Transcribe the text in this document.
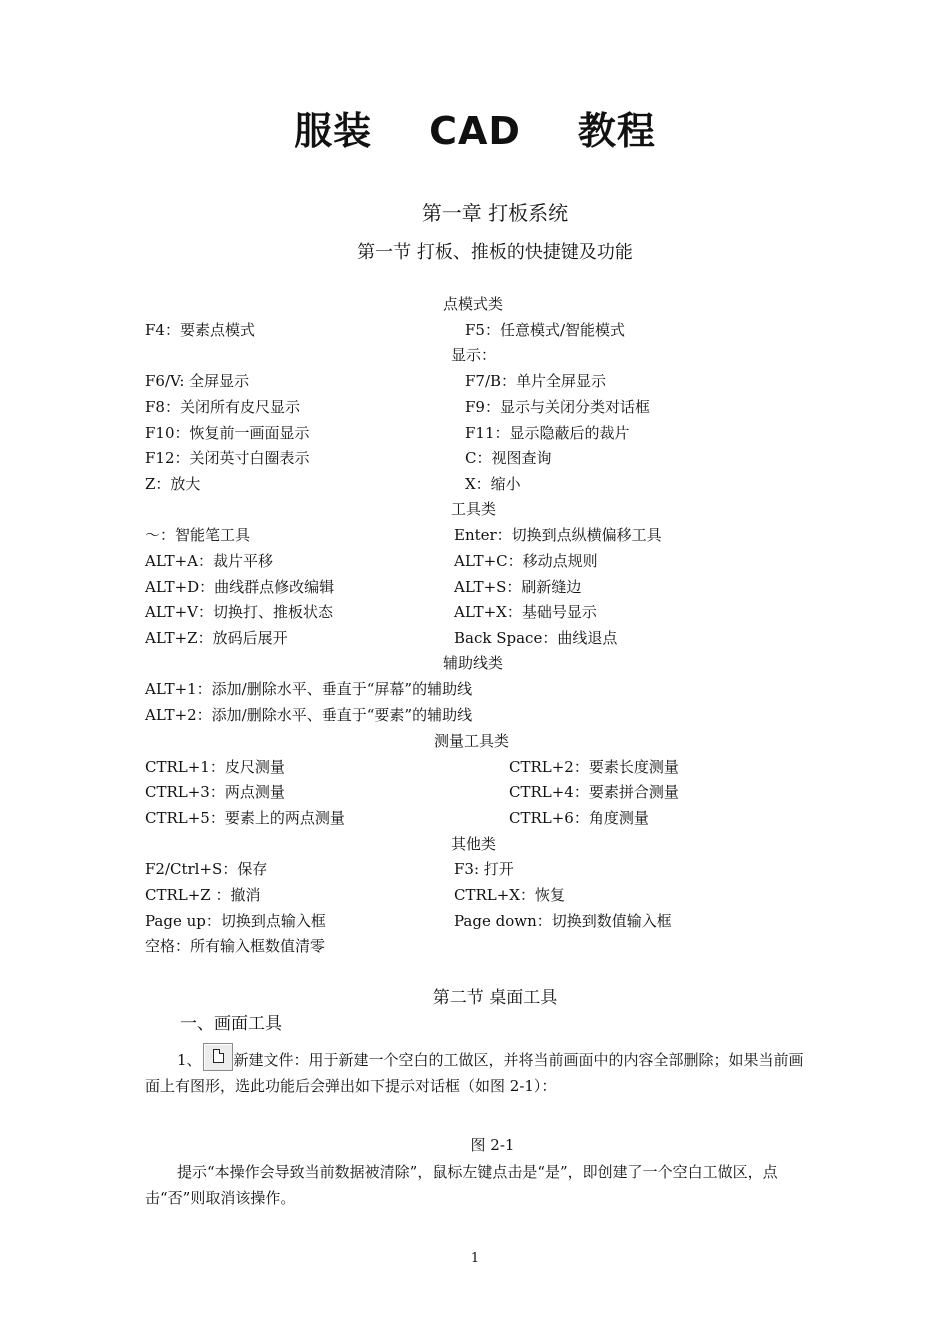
服装    CAD    教程

第一章 打板系统

第一节 打板、推板的快捷键及功能

点模式类
F4：要素点模式	F5：任意模式/智能模式
显示：
F6/V: 全屏显示	F7/B：单片全屏显示
F8：关闭所有皮尺显示	F9：显示与关闭分类对话框
F10：恢复前一画面显示	F11：显示隐蔽后的裁片
F12：关闭英寸白圈表示	C：视图查询
Z：放大	X：缩小
工具类
～：智能笔工具	Enter：切换到点纵横偏移工具
ALT+A：裁片平移	ALT+C：移动点规则
ALT+D：曲线群点修改编辑	ALT+S：刷新缝边
ALT+V：切换打、推板状态	ALT+X：基础号显示
ALT+Z：放码后展开	Back Space：曲线退点
辅助线类
ALT+1：添加/删除水平、垂直于“屏幕”的辅助线
ALT+2：添加/删除水平、垂直于“要素”的辅助线
测量工具类
CTRL+1：皮尺测量	CTRL+2：要素长度测量
CTRL+3：两点测量	CTRL+4：要素拼合测量
CTRL+5：要素上的两点测量	CTRL+6：角度测量
其他类
F2/Ctrl+S：保存	F3: 打开
CTRL+Z ：撤消	CTRL+X：恢复
Page up：切换到点输入框	Page down：切换到数值输入框
空格：所有输入框数值清零

第二节 桌面工具

一、画面工具

1、 新建文件：用于新建一个空白的工做区，并将当前画面中的内容全部删除；如果当前画面上有图形，选此功能后会弹出如下提示对话框（如图 2-1）：

图 2-1

提示“本操作会导致当前数据被清除”，鼠标左键点击是“是”，即创建了一个空白工做区，点击“否”则取消该操作。

1
